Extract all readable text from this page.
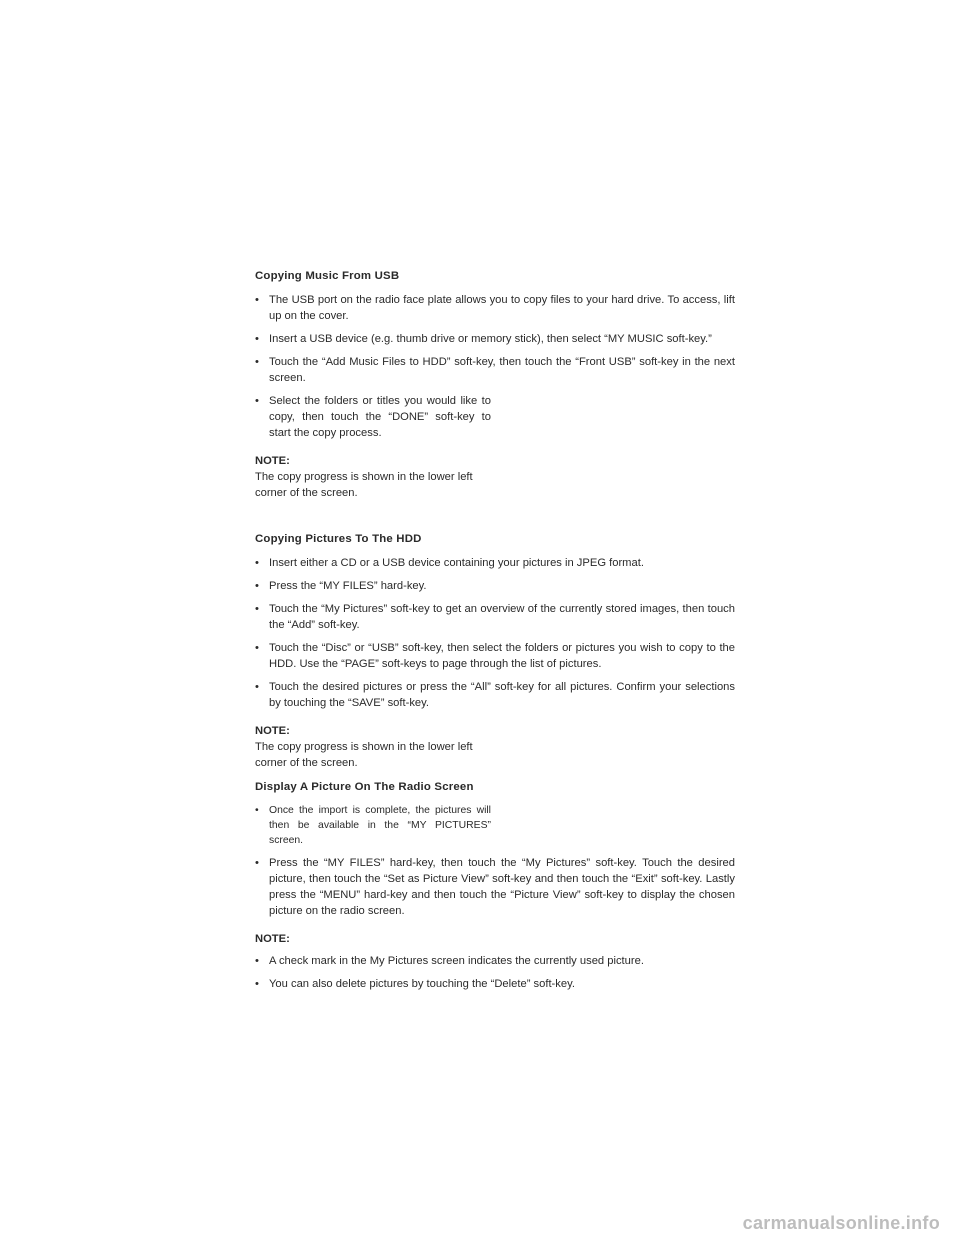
Copying Music From USB
• The USB port on the radio face plate allows you to copy files to your hard drive. To access, lift up on the cover.
• Insert a USB device (e.g. thumb drive or memory stick), then select “MY MUSIC soft-key.”
• Touch the “Add Music Files to HDD” soft-key, then touch the “Front USB” soft-key in the next screen.
• Select the folders or titles you would like to copy, then touch the “DONE” soft-key to start the copy process.
NOTE:
The copy progress is shown in the lower left corner of the screen.
Copying Pictures To The HDD
• Insert either a CD or a USB device containing your pictures in JPEG format.
• Press the “MY FILES” hard-key.
• Touch the “My Pictures” soft-key to get an overview of the currently stored images, then touch the “Add” soft-key.
• Touch the “Disc” or “USB” soft-key, then select the folders or pictures you wish to copy to the HDD. Use the “PAGE” soft-keys to page through the list of pictures.
• Touch the desired pictures or press the “All” soft-key for all pictures. Confirm your selections by touching the “SAVE” soft-key.
NOTE:
The copy progress is shown in the lower left corner of the screen.
Display A Picture On The Radio Screen
• Once the import is complete, the pictures will then be available in the “MY PICTURES” screen.
• Press the “MY FILES” hard-key, then touch the “My Pictures” soft-key. Touch the desired picture, then touch the “Set as Picture View” soft-key and then touch the “Exit” soft-key. Lastly press the “MENU” hard-key and then touch the “Picture View” soft-key to display the chosen picture on the radio screen.
NOTE:
• A check mark in the My Pictures screen indicates the currently used picture.
• You can also delete pictures by touching the “Delete” soft-key.
carmanualsonline.info
